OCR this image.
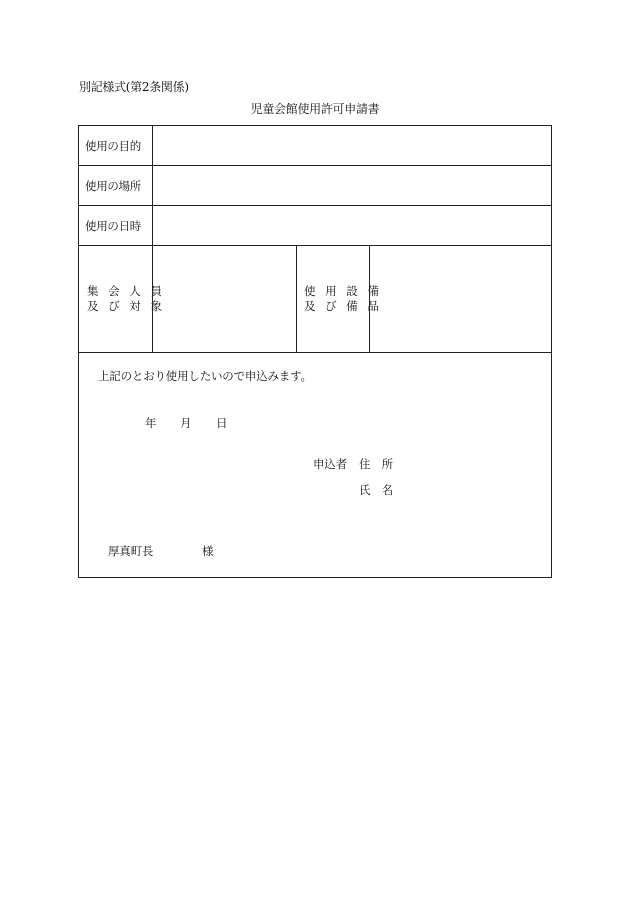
別記様式(第2条関係)
児童会館使用許可申請書
使用の目的
使用の場所
使用の日時
集 会 人 員
及 び 対 象
使 用 設 備
及 び 備 品
上記のとおり使用したいので申込みます。
年 月 日
申込者 住　所
氏　名
厚真町長	様
